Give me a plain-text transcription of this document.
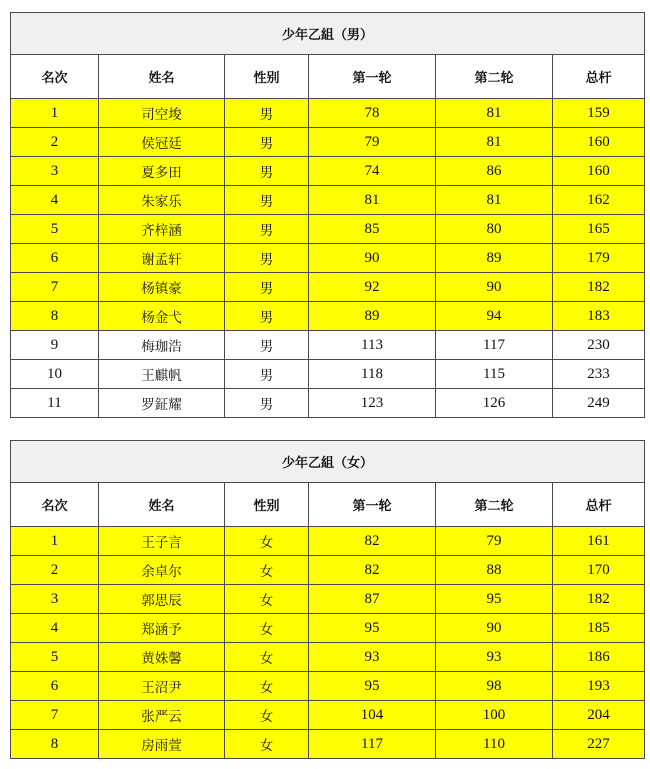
少年乙組（男）					
名次	姓名	性别	第一轮	第二轮	总杆
1	司空埈	男	78	81	159
2	侯冠廷	男	79	81	160
3	夏多田	男	74	86	160
4	朱家乐	男	81	81	162
5	齐梓涵	男	85	80	165
6	谢孟轩	男	90	89	179
7	杨镇豪	男	92	90	182
8	杨金弋	男	89	94	183
9	梅珈浩	男	113	117	230
10	王麒帆	男	118	115	233
11	罗鉦耀	男	123	126	249
少年乙組（女）					
名次	姓名	性别	第一轮	第二轮	总杆
1	王子言	女	82	79	161
2	余卓尔	女	82	88	170
3	郭思辰	女	87	95	182
4	郑涵予	女	95	90	185
5	黄姝馨	女	93	93	186
6	王沼尹	女	95	98	193
7	张严云	女	104	100	204
8	房雨萱	女	117	110	227
